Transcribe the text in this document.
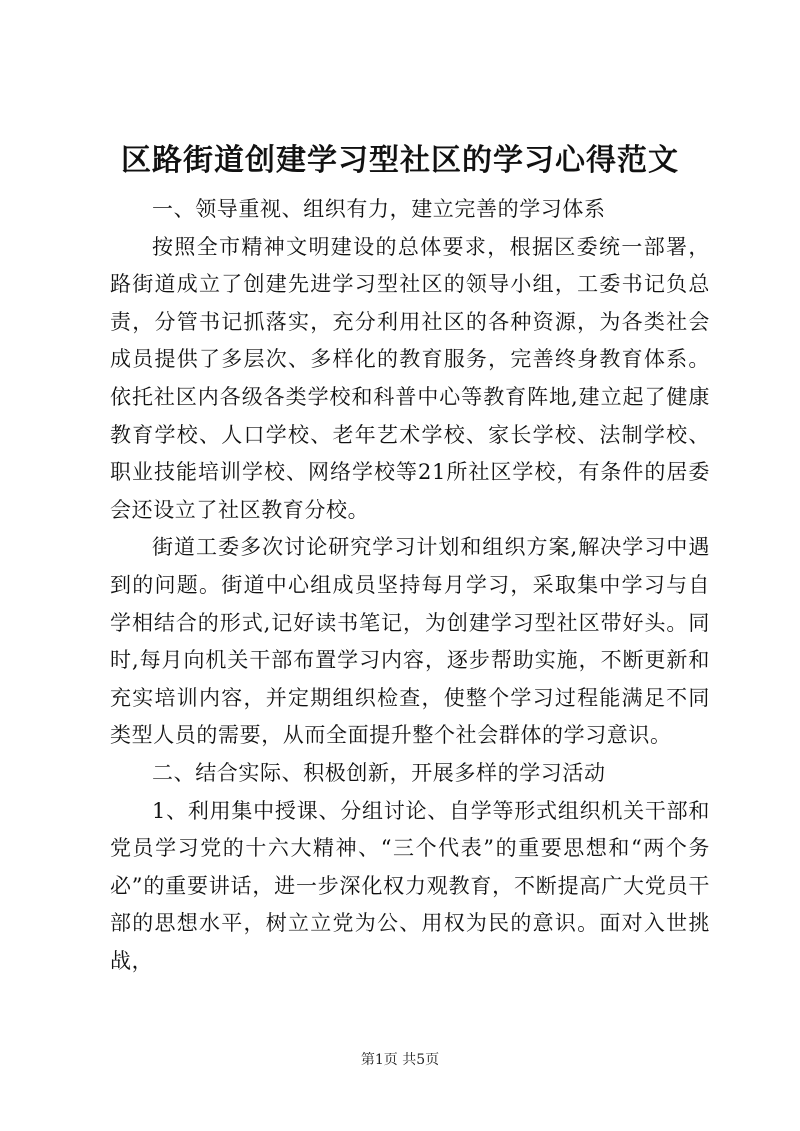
区路街道创建学习型社区的学习心得范文

一、领导重视、组织有力，建立完善的学习体系

按照全市精神文明建设的总体要求，根据区委统一部署，路街道成立了创建先进学习型社区的领导小组，工委书记负总责，分管书记抓落实，充分利用社区的各种资源，为各类社会成员提供了多层次、多样化的教育服务，完善终身教育体系。依托社区内各级各类学校和科普中心等教育阵地,建立起了健康教育学校、人口学校、老年艺术学校、家长学校、法制学校、职业技能培训学校、网络学校等21所社区学校，有条件的居委会还设立了社区教育分校。

街道工委多次讨论研究学习计划和组织方案,解决学习中遇到的问题。街道中心组成员坚持每月学习，采取集中学习与自学相结合的形式,记好读书笔记，为创建学习型社区带好头。同时,每月向机关干部布置学习内容，逐步帮助实施，不断更新和充实培训内容，并定期组织检查，使整个学习过程能满足不同类型人员的需要，从而全面提升整个社会群体的学习意识。

二、结合实际、积极创新，开展多样的学习活动

1、利用集中授课、分组讨论、自学等形式组织机关干部和党员学习党的十六大精神、“三个代表”的重要思想和“两个务必”的重要讲话，进一步深化权力观教育，不断提高广大党员干部的思想水平，树立立党为公、用权为民的意识。面对入世挑战，

第1页 共5页
